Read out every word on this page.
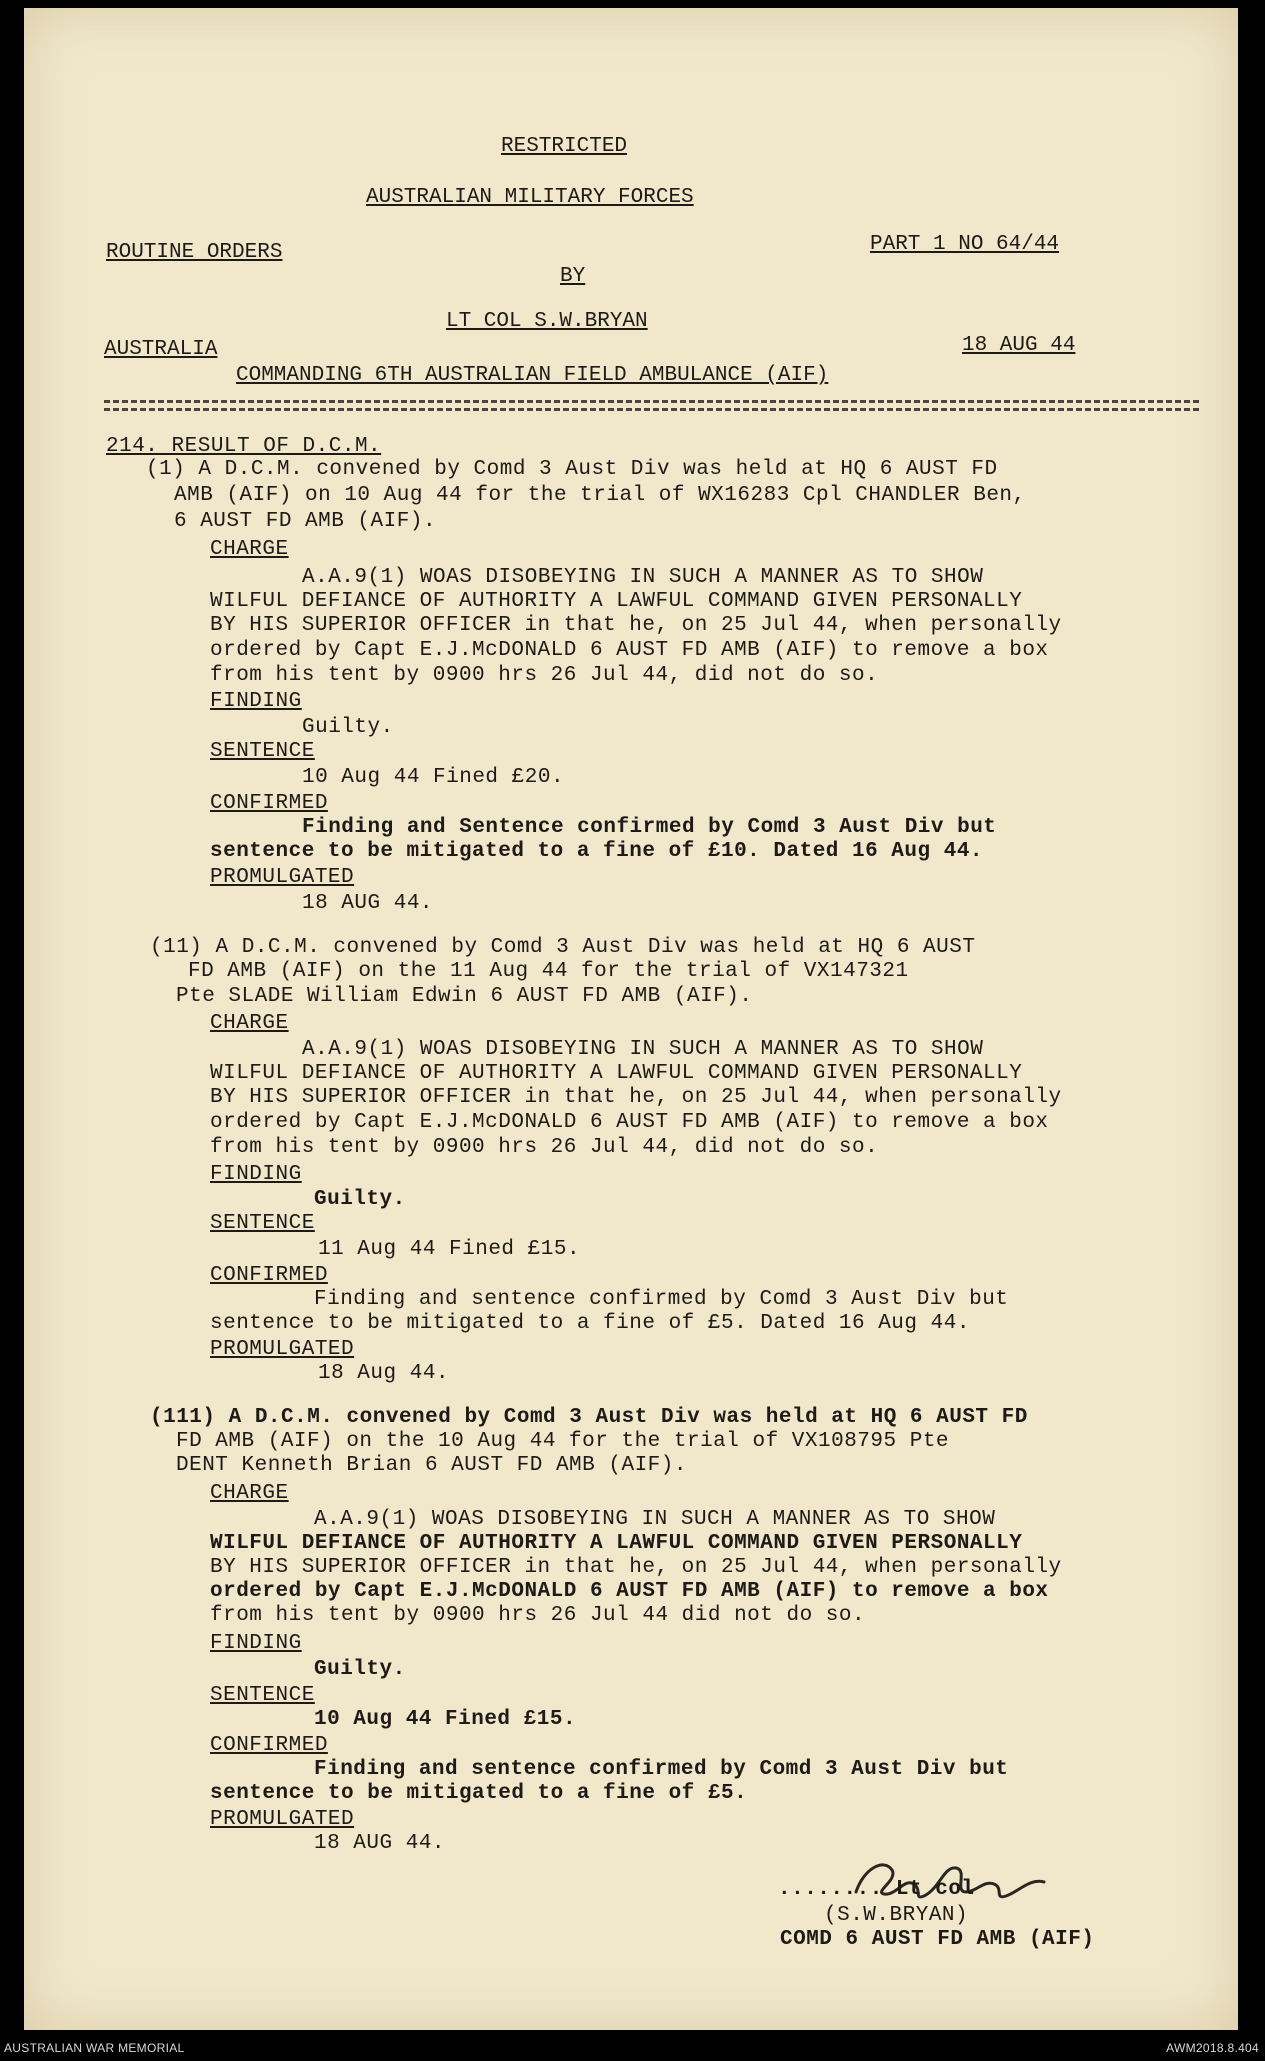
RESTRICTED
AUSTRALIAN MILITARY FORCES
ROUTINE ORDERS	PART 1 NO 64/44
BY
LT COL S.W.BRYAN
AUSTRALIA	18 AUG 44
COMMANDING 6TH AUSTRALIAN FIELD AMBULANCE (AIF)
214. RESULT OF D.C.M.
(1) A D.C.M. convened by Comd 3 Aust Div was held at HQ 6 AUST FD
AMB (AIF) on 10 Aug 44 for the trial of WX16283 Cpl CHANDLER Ben,
6 AUST FD AMB (AIF).
CHARGE
A.A.9(1) WOAS DISOBEYING IN SUCH A MANNER AS TO SHOW
WILFUL DEFIANCE OF AUTHORITY A LAWFUL COMMAND GIVEN PERSONALLY
BY HIS SUPERIOR OFFICER in that he, on 25 Jul 44, when personally
ordered by Capt E.J.McDONALD 6 AUST FD AMB (AIF) to remove a box
from his tent by 0900 hrs 26 Jul 44, did not do so.
FINDING
Guilty.
SENTENCE
10 Aug 44 Fined £20.
CONFIRMED
Finding and Sentence confirmed by Comd 3 Aust Div but
sentence to be mitigated to a fine of £10. Dated 16 Aug 44.
PROMULGATED
18 AUG 44.
(11) A D.C.M. convened by Comd 3 Aust Div was held at HQ 6 AUST
FD AMB (AIF) on the 11 Aug 44 for the trial of VX147321
Pte SLADE William Edwin 6 AUST FD AMB (AIF).
CHARGE
A.A.9(1) WOAS DISOBEYING IN SUCH A MANNER AS TO SHOW
WILFUL DEFIANCE OF AUTHORITY A LAWFUL COMMAND GIVEN PERSONALLY
BY HIS SUPERIOR OFFICER in that he, on 25 Jul 44, when personally
ordered by Capt E.J.McDONALD 6 AUST FD AMB (AIF) to remove a box
from his tent by 0900 hrs 26 Jul 44, did not do so.
FINDING
Guilty.
SENTENCE
11 Aug 44 Fined £15.
CONFIRMED
Finding and sentence confirmed by Comd 3 Aust Div but
sentence to be mitigated to a fine of £5. Dated 16 Aug 44.
PROMULGATED
18 Aug 44.
(111) A D.C.M. convened by Comd 3 Aust Div was held at HQ 6 AUST FD
FD AMB (AIF) on the 10 Aug 44 for the trial of VX108795 Pte
DENT Kenneth Brian 6 AUST FD AMB (AIF).
CHARGE
A.A.9(1) WOAS DISOBEYING IN SUCH A MANNER AS TO SHOW
WILFUL DEFIANCE OF AUTHORITY A LAWFUL COMMAND GIVEN PERSONALLY
BY HIS SUPERIOR OFFICER in that he, on 25 Jul 44, when personally
ordered by Capt E.J.McDONALD 6 AUST FD AMB (AIF) to remove a box
from his tent by 0900 hrs 26 Jul 44 did not do so.
FINDING
Guilty.
SENTENCE
10 Aug 44 Fined £15.
CONFIRMED
Finding and sentence confirmed by Comd 3 Aust Div but
sentence to be mitigated to a fine of £5.
PROMULGATED
18 AUG 44.
........ Lt col
(S.W.BRYAN)
COMD 6 AUST FD AMB (AIF)
AUSTRALIAN WAR MEMORIAL	AWM2018.8.404
